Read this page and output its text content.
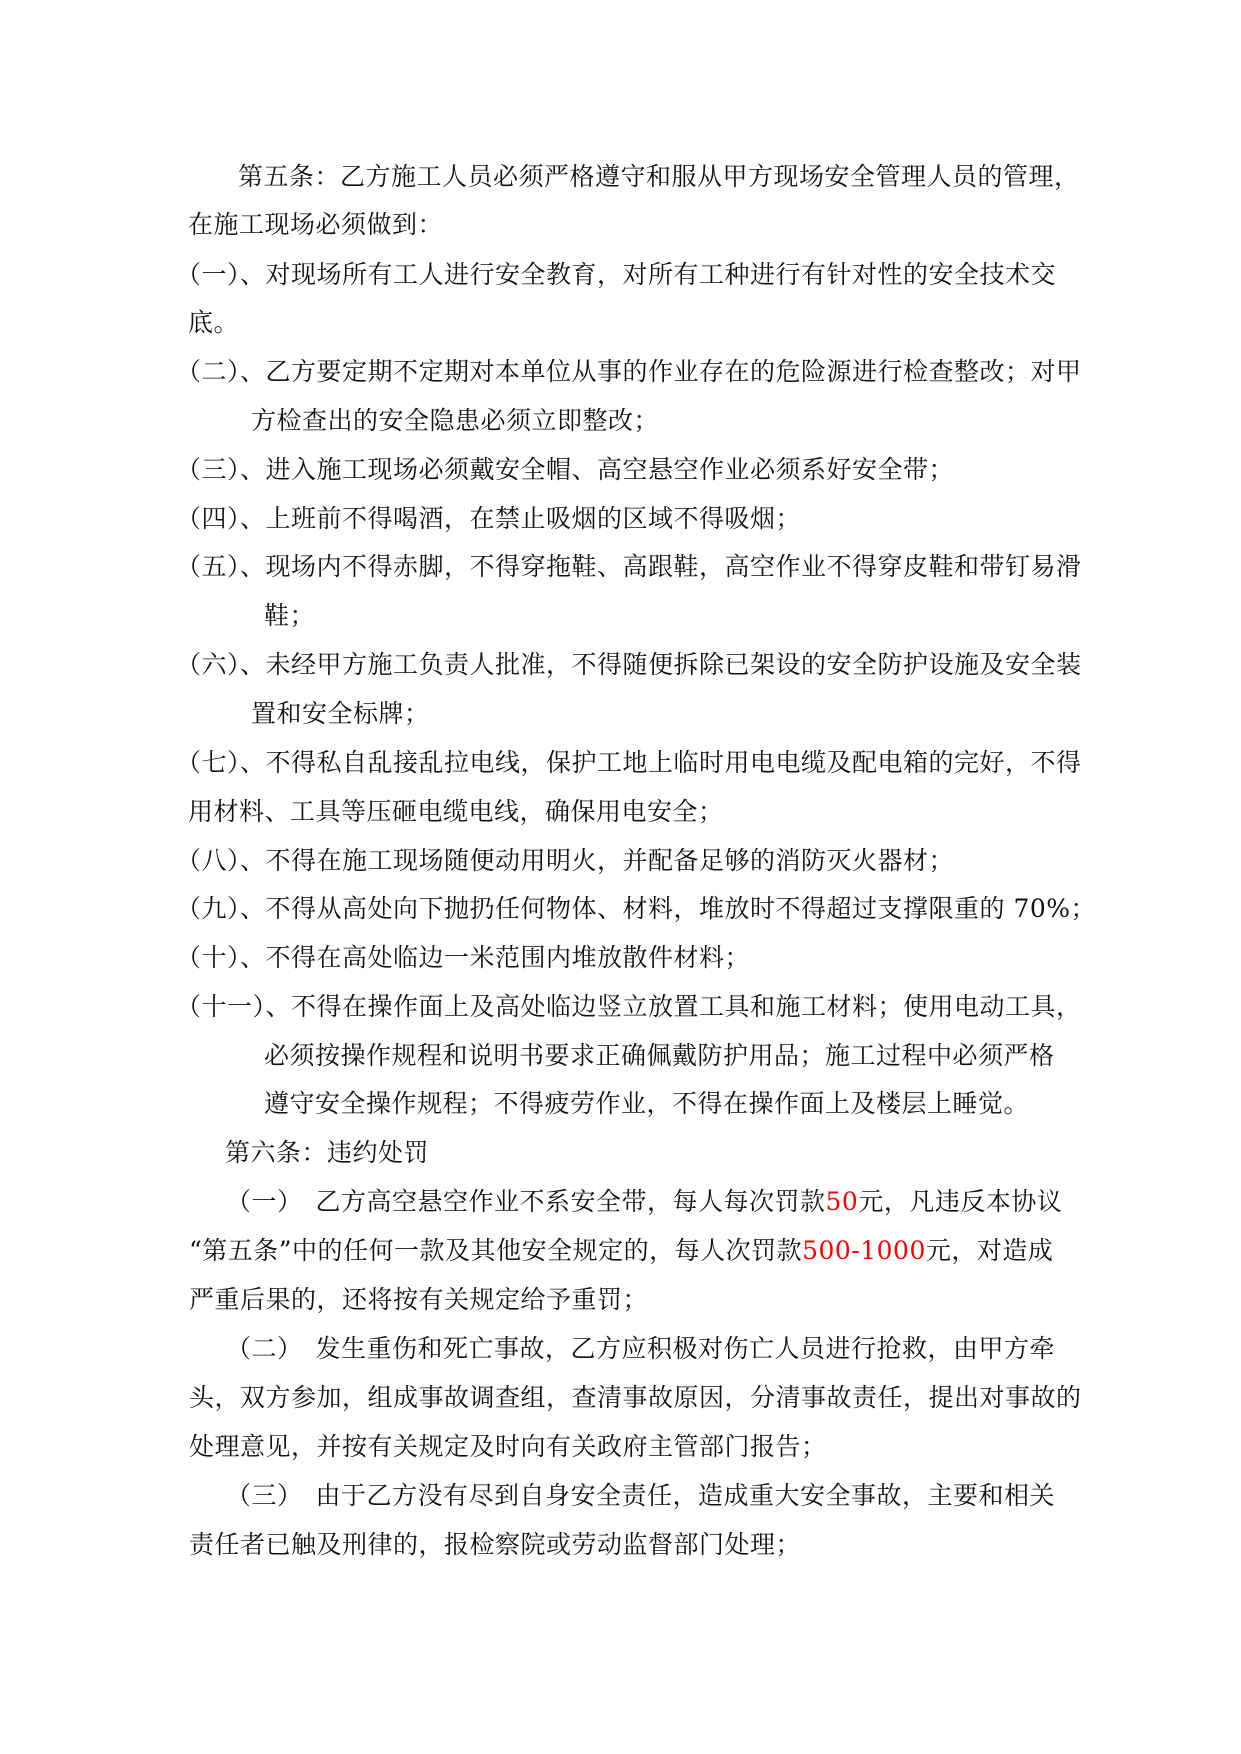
第五条：乙方施工人员必须严格遵守和服从甲方现场安全管理人员的管理，
在施工现场必须做到：
（一）、对现场所有工人进行安全教育，对所有工种进行有针对性的安全技术交
底。
（二）、乙方要定期不定期对本单位从事的作业存在的危险源进行检查整改；对甲
方检查出的安全隐患必须立即整改；
（三）、进入施工现场必须戴安全帽、高空悬空作业必须系好安全带；
（四）、上班前不得喝酒，在禁止吸烟的区域不得吸烟；
（五）、现场内不得赤脚，不得穿拖鞋、高跟鞋，高空作业不得穿皮鞋和带钉易滑
鞋；
（六）、未经甲方施工负责人批准，不得随便拆除已架设的安全防护设施及安全装
置和安全标牌；
（七）、不得私自乱接乱拉电线，保护工地上临时用电电缆及配电箱的完好，不得
用材料、工具等压砸电缆电线，确保用电安全；
（八）、不得在施工现场随便动用明火，并配备足够的消防灭火器材；
（九）、不得从高处向下抛扔任何物体、材料，堆放时不得超过支撑限重的 70%；
（十）、不得在高处临边一米范围内堆放散件材料；
（十一）、不得在操作面上及高处临边竖立放置工具和施工材料；使用电动工具，
必须按操作规程和说明书要求正确佩戴防护用品；施工过程中必须严格
遵守安全操作规程；不得疲劳作业，不得在操作面上及楼层上睡觉。
第六条：违约处罚
（一）　乙方高空悬空作业不系安全带，每人每次罚款50元，凡违反本协议
“第五条”中的任何一款及其他安全规定的，每人次罚款500-1000元，对造成
严重后果的，还将按有关规定给予重罚；
（二）　发生重伤和死亡事故，乙方应积极对伤亡人员进行抢救，由甲方牵
头，双方参加，组成事故调查组，查清事故原因，分清事故责任，提出对事故的
处理意见，并按有关规定及时向有关政府主管部门报告；
（三）　由于乙方没有尽到自身安全责任，造成重大安全事故，主要和相关
责任者已触及刑律的，报检察院或劳动监督部门处理；
